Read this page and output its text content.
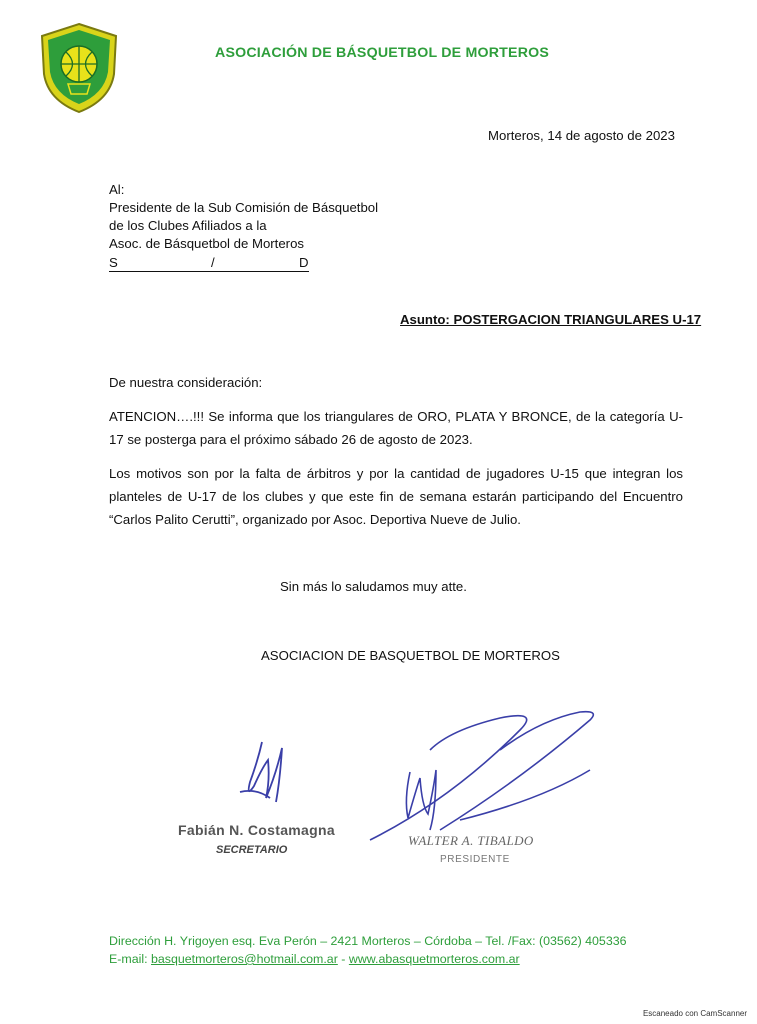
ASOCIACIÓN DE BÁSQUETBOL DE MORTEROS
Morteros, 14 de agosto de 2023
Al:
Presidente de la Sub Comisión de Básquetbol
de los Clubes Afiliados a la
Asoc. de Básquetbol de Morteros
S	/	D
Asunto: POSTERGACION TRIANGULARES U-17
De nuestra consideración:
ATENCION….!!! Se informa que los triangulares de ORO, PLATA Y BRONCE, de la categoría U-17 se posterga para el próximo sábado 26 de agosto de 2023.
Los motivos son por la falta de árbitros y por la cantidad de jugadores U-15 que integran los planteles de U-17 de los clubes y que este fin de semana estarán participando del Encuentro “Carlos Palito Cerutti”, organizado por Asoc. Deportiva Nueve de Julio.
Sin más lo saludamos muy atte.
ASOCIACION DE BASQUETBOL DE MORTEROS
Fabián N. Costamagna
SECRETARIO
WALTER A. TIBALDO
PRESIDENTE
Dirección H. Yrigoyen esq. Eva Perón – 2421 Morteros – Córdoba – Tel. /Fax: (03562) 405336
E-mail: basquetmorteros@hotmail.com.ar - www.abasquetmorteros.com.ar
Escaneado con CamScanner
